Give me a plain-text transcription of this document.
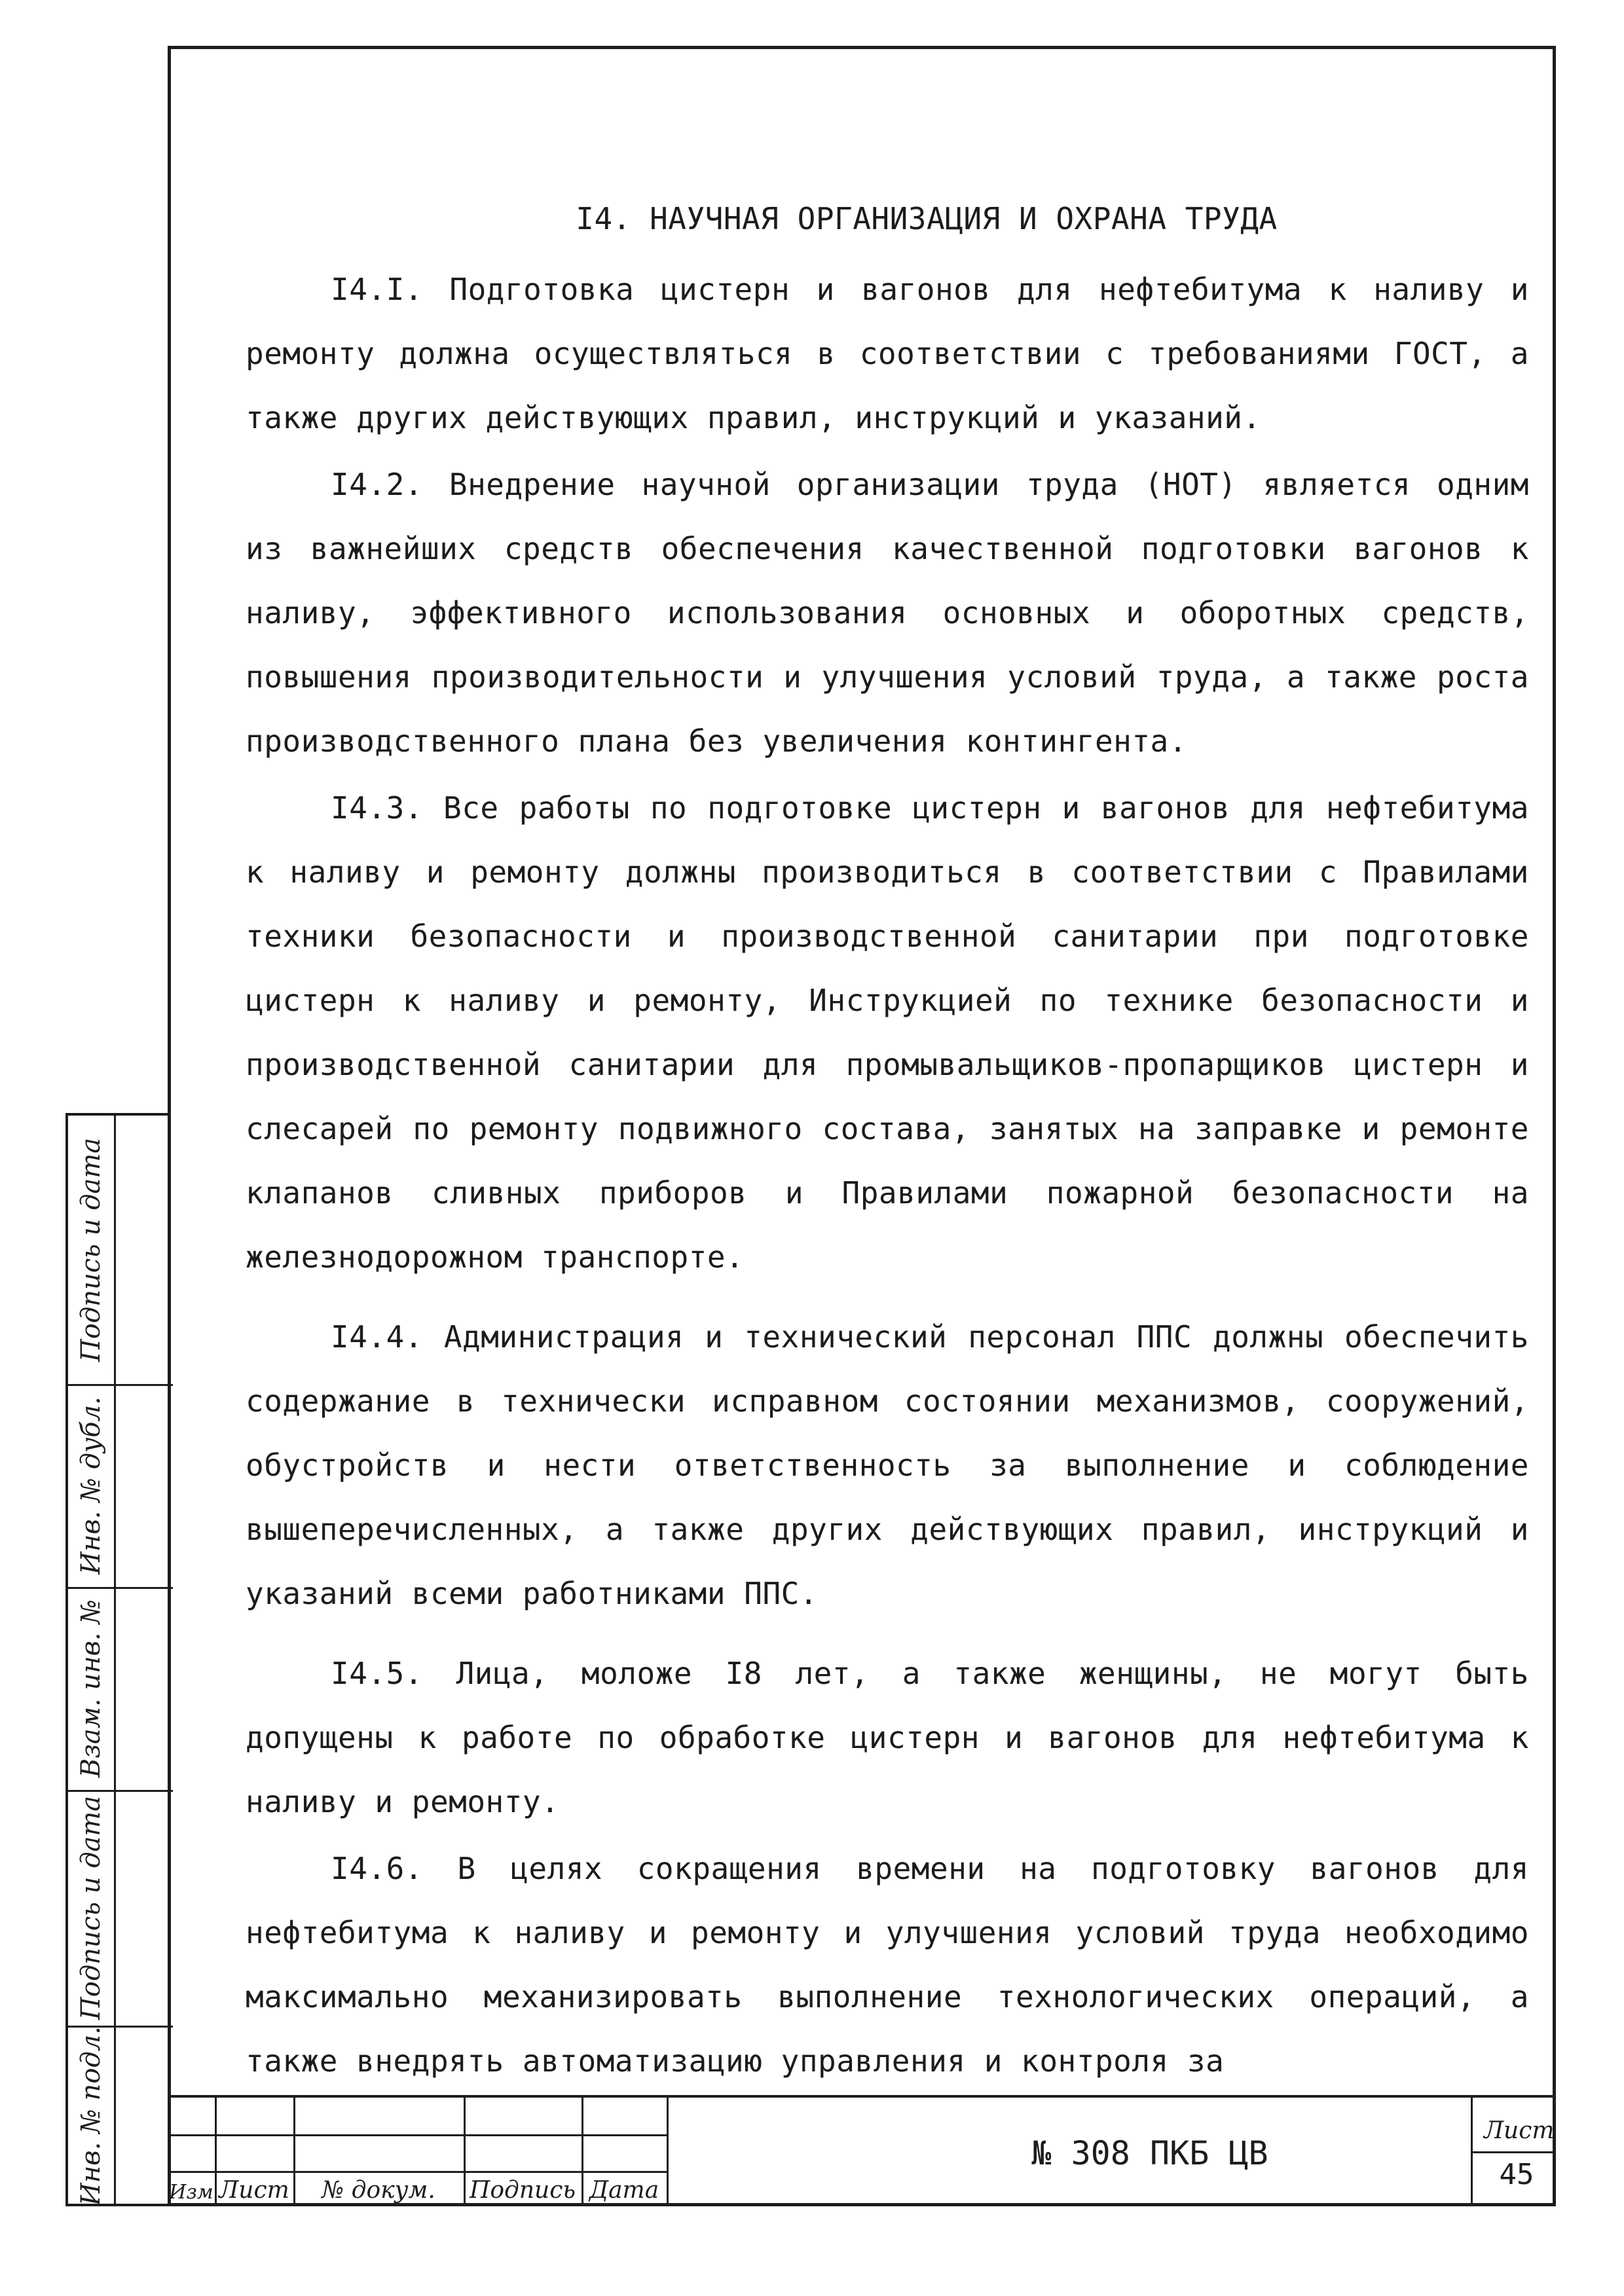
I4. НАУЧНАЯ ОРГАНИЗАЦИЯ И ОХРАНА ТРУДА

I4.I. Подготовка цистерн и вагонов для нефтебитума к наливу и ремонту должна осуществляться в соответствии с требованиями ГОСТ, а также других действующих правил, инструкций и указаний.

I4.2. Внедрение научной организации труда (НОТ) является одним из важнейших средств обеспечения качественной подготовки вагонов к наливу, эффективного использования основных и оборотных средств, повышения производительности и улучшения условий труда, а также роста производственного плана без увеличения контингента.

I4.3. Все работы по подготовке цистерн и вагонов для нефтебитума к наливу и ремонту должны производиться в соответствии с Правилами техники безопасности и производственной санитарии при подготовке цистерн к наливу и ремонту, Инструкцией по технике безопасности и производственной санитарии для промывальщиков-пропарщиков цистерн и слесарей по ремонту подвижного состава, занятых на заправке и ремонте клапанов сливных приборов и Правилами пожарной безопасности на железнодорожном транспорте.

I4.4. Администрация и технический персонал ППС должны обеспечить содержание в технически исправном состоянии механизмов, сооружений, обустройств и нести ответственность за выполнение и соблюдение вышеперечисленных, а также других действующих правил, инструкций и указаний всеми работниками ППС.

I4.5. Лица, моложе I8 лет, а также женщины, не могут быть допущены к работе по обработке цистерн и вагонов для нефтебитума к наливу и ремонту.

I4.6. В целях сокращения времени на подготовку вагонов для нефтебитума к наливу и ремонту и улучшения условий труда необходимо максимально механизировать выполнение технологических операций, а также внедрять автоматизацию управления и контроля за

Подпись и дата
Инв. № дубл.
Взам. инв. №
Подпись и дата
Инв. № подл.	Изм Лист	№ докум.	Подпись Дата
№ 308 ПКБ ЦВ
Лист
45
